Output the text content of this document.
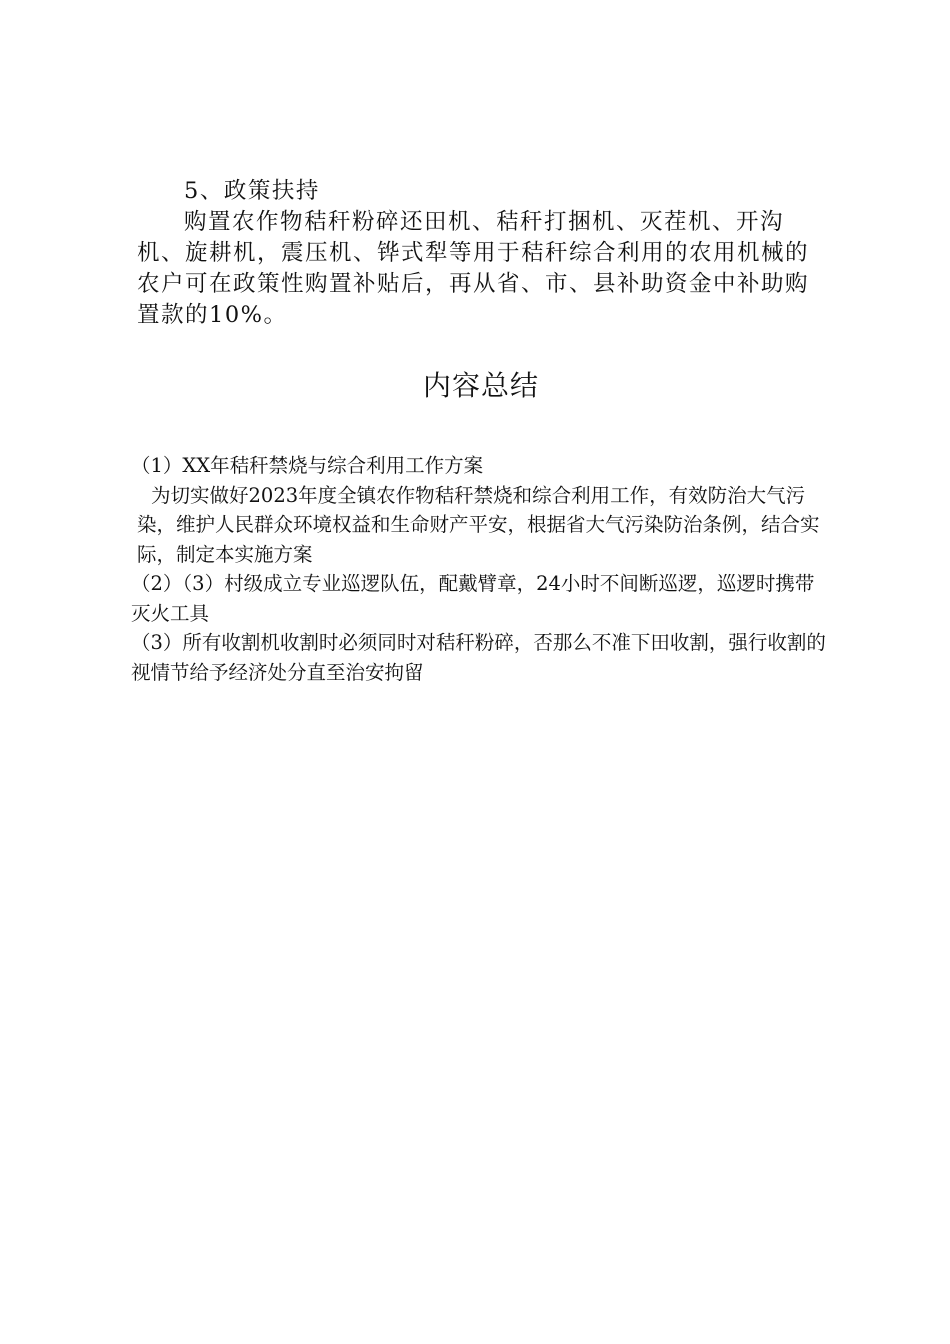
5、政策扶持

购置农作物秸秆粉碎还田机、秸秆打捆机、灭茬机、开沟机、旋耕机，震压机、铧式犁等用于秸秆综合利用的农用机械的农户可在政策性购置补贴后，再从省、市、县补助资金中补助购置款的10%。

内容总结

（1）XX年秸秆禁烧与综合利用工作方案

为切实做好2023年度全镇农作物秸秆禁烧和综合利用工作，有效防治大气污染，维护人民群众环境权益和生命财产平安，根据省大气污染防治条例，结合实际，制定本实施方案

（2）（3）村级成立专业巡逻队伍，配戴臂章，24小时不间断巡逻，巡逻时携带灭火工具

（3）所有收割机收割时必须同时对秸秆粉碎，否那么不准下田收割，强行收割的视情节给予经济处分直至治安拘留
